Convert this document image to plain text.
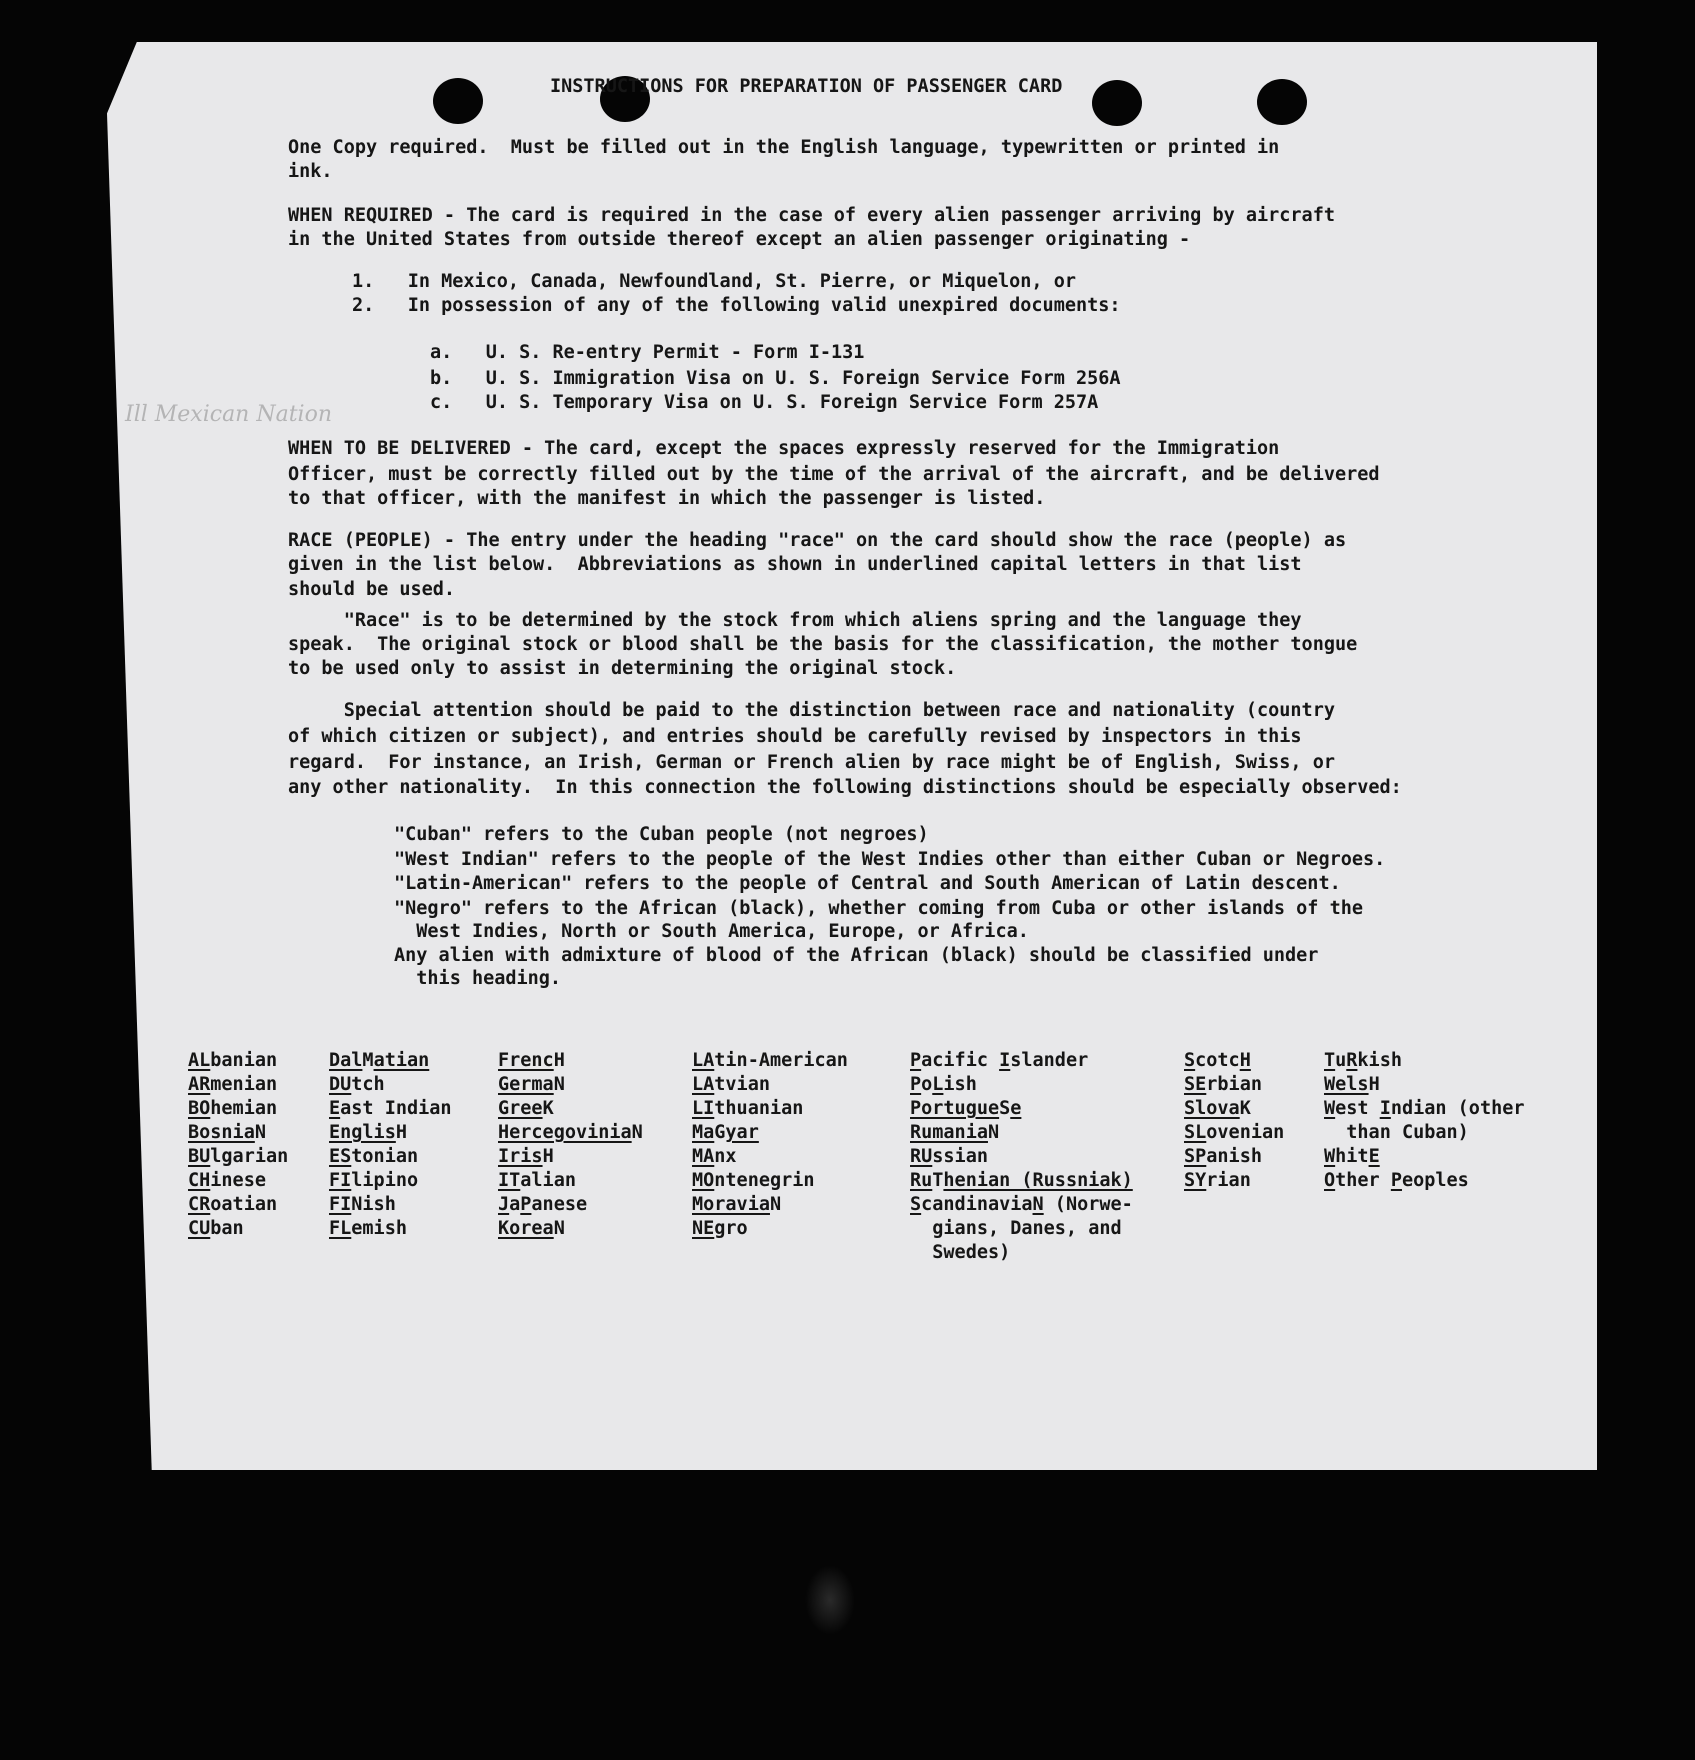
INSTRUCTIONS FOR PREPARATION OF PASSENGER CARD

One Copy required.  Must be filled out in the English language, typewritten or printed in

ink.

WHEN REQUIRED - The card is required in the case of every alien passenger arriving by aircraft

in the United States from outside thereof except an alien passenger originating -

1.   In Mexico, Canada, Newfoundland, St. Pierre, or Miquelon, or

2.   In possession of any of the following valid unexpired documents:

a.   U. S. Re-entry Permit - Form I-131

b.   U. S. Immigration Visa on U. S. Foreign Service Form 256A

c.   U. S. Temporary Visa on U. S. Foreign Service Form 257A

Ill Mexican Nation

WHEN TO BE DELIVERED - The card, except the spaces expressly reserved for the Immigration

Officer, must be correctly filled out by the time of the arrival of the aircraft, and be delivered

to that officer, with the manifest in which the passenger is listed.

RACE (PEOPLE) - The entry under the heading "race" on the card should show the race (people) as

given in the list below.  Abbreviations as shown in underlined capital letters in that list

should be used.

"Race" is to be determined by the stock from which aliens spring and the language they

speak.  The original stock or blood shall be the basis for the classification, the mother tongue

to be used only to assist in determining the original stock.

Special attention should be paid to the distinction between race and nationality (country

of which citizen or subject), and entries should be carefully revised by inspectors in this

regard.  For instance, an Irish, German or French alien by race might be of English, Swiss, or

any other nationality.  In this connection the following distinctions should be especially observed:

"Cuban" refers to the Cuban people (not negroes)

"West Indian" refers to the people of the West Indies other than either Cuban or Negroes.

"Latin-American" refers to the people of Central and South American of Latin descent.

"Negro" refers to the African (black), whether coming from Cuba or other islands of the

West Indies, North or South America, Europe, or Africa.

Any alien with admixture of blood of the African (black) should be classified under

this heading.

ALbanian

ARmenian

BOhemian

BosniaN

BUlgarian

CHinese

CRoatian

CUban

DalMatian

DUtch

East Indian

EnglisH

EStonian

FIlipino

FINish

FLemish

FrencH

GermaN

GreeK

HercegoviniaN

IrisH

ITalian

JaPanese

KoreaN

LAtin-American

LAtvian

LIthuanian

MaGyar

MAnx

MOntenegrin

MoraviaN

NEgro

Pacific Islander

PoLish

PortugueSe

RumaniaN

RUssian

RuThenian (Russniak)

ScandinaviaN (Norwe-

gians, Danes, and

Swedes)

ScotcH

SErbian

SlovaK

SLovenian

SPanish

SYrian

TuRkish

WelsH

West Indian (other

than Cuban)

WhitE

Other Peoples
